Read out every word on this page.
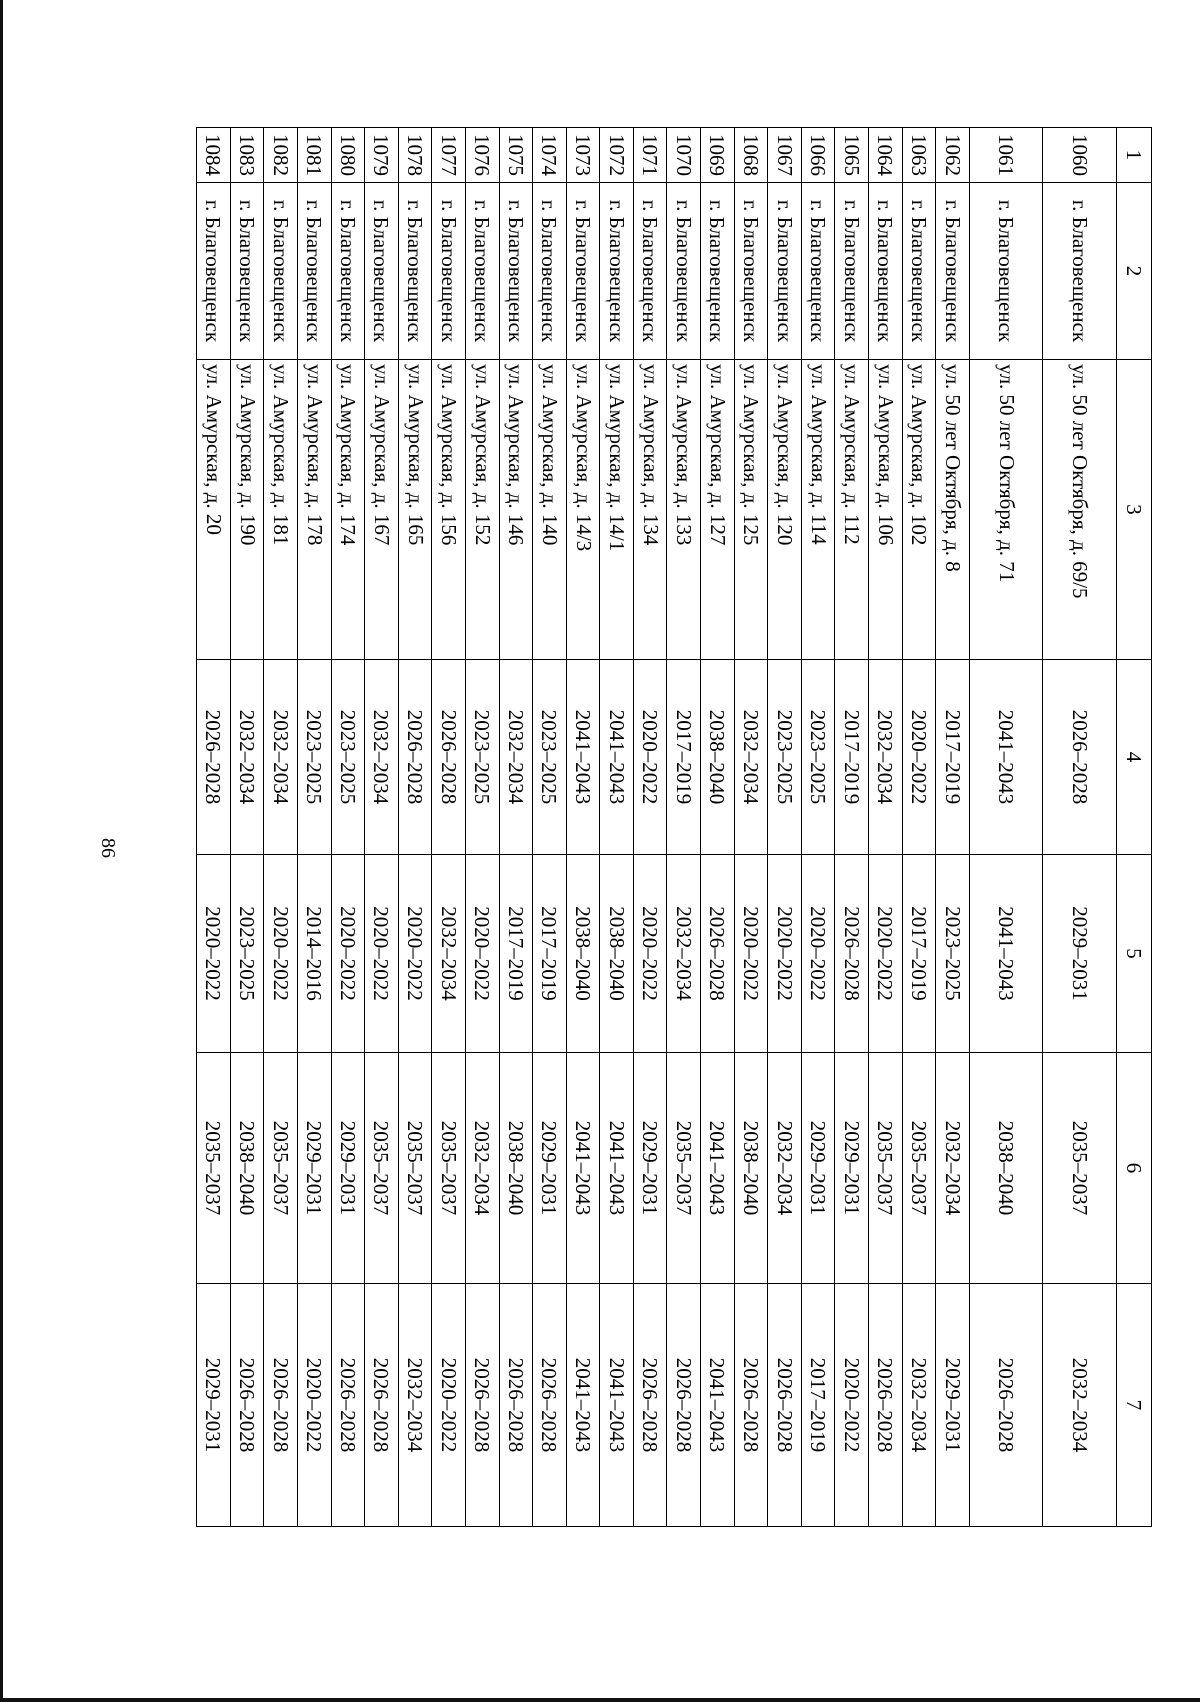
86
1	2	3	4	5	6	7
1060	г. Благовещенск	ул. 50 лет Октября, д. 69/5	2026–2028	2029–2031	2035–2037	2032–2034
1061	г. Благовещенск	ул. 50 лет Октября, д. 71	2041–2043	2041–2043	2038–2040	2026–2028
1062	г. Благовещенск	ул. 50 лет Октября, д. 8	2017–2019	2023–2025	2032–2034	2029–2031
1063	г. Благовещенск	ул. Амурская, д. 102	2020–2022	2017–2019	2035–2037	2032–2034
1064	г. Благовещенск	ул. Амурская, д. 106	2032–2034	2020–2022	2035–2037	2026–2028
1065	г. Благовещенск	ул. Амурская, д. 112	2017–2019	2026–2028	2029–2031	2020–2022
1066	г. Благовещенск	ул. Амурская, д. 114	2023–2025	2020–2022	2029–2031	2017–2019
1067	г. Благовещенск	ул. Амурская, д. 120	2023–2025	2020–2022	2032–2034	2026–2028
1068	г. Благовещенск	ул. Амурская, д. 125	2032–2034	2020–2022	2038–2040	2026–2028
1069	г. Благовещенск	ул. Амурская, д. 127	2038–2040	2026–2028	2041–2043	2041–2043
1070	г. Благовещенск	ул. Амурская, д. 133	2017–2019	2032–2034	2035–2037	2026–2028
1071	г. Благовещенск	ул. Амурская, д. 134	2020–2022	2020–2022	2029–2031	2026–2028
1072	г. Благовещенск	ул. Амурская, д. 14/1	2041–2043	2038–2040	2041–2043	2041–2043
1073	г. Благовещенск	ул. Амурская, д. 14/3	2041–2043	2038–2040	2041–2043	2041–2043
1074	г. Благовещенск	ул. Амурская, д. 140	2023–2025	2017–2019	2029–2031	2026–2028
1075	г. Благовещенск	ул. Амурская, д. 146	2032–2034	2017–2019	2038–2040	2026–2028
1076	г. Благовещенск	ул. Амурская, д. 152	2023–2025	2020–2022	2032–2034	2026–2028
1077	г. Благовещенск	ул. Амурская, д. 156	2026–2028	2032–2034	2035–2037	2020–2022
1078	г. Благовещенск	ул. Амурская, д. 165	2026–2028	2020–2022	2035–2037	2032–2034
1079	г. Благовещенск	ул. Амурская, д. 167	2032–2034	2020–2022	2035–2037	2026–2028
1080	г. Благовещенск	ул. Амурская, д. 174	2023–2025	2020–2022	2029–2031	2026–2028
1081	г. Благовещенск	ул. Амурская, д. 178	2023–2025	2014–2016	2029–2031	2020–2022
1082	г. Благовещенск	ул. Амурская, д. 181	2032–2034	2020–2022	2035–2037	2026–2028
1083	г. Благовещенск	ул. Амурская, д. 190	2032–2034	2023–2025	2038–2040	2026–2028
1084	г. Благовещенск	ул. Амурская, д. 20	2026–2028	2020–2022	2035–2037	2029–2031
